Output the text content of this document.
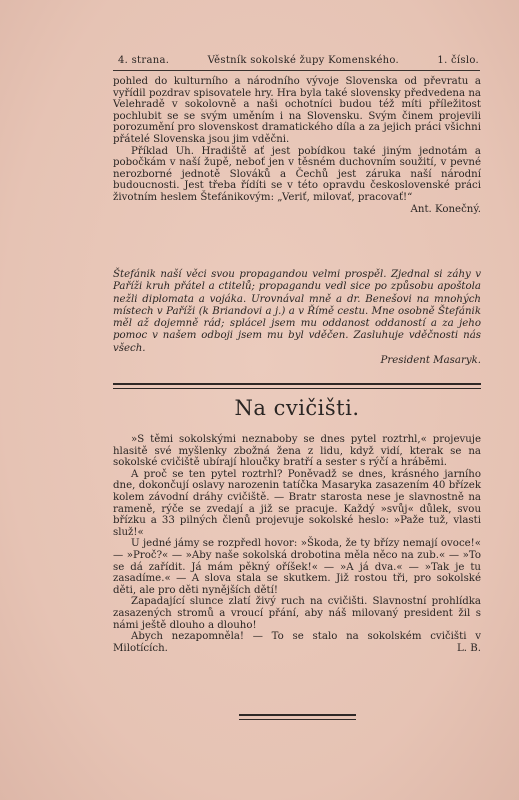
4. strana.	Věstník sokolské župy Komenského.	1. číslo.

pohled do kulturního a národního vývoje Slovenska od převratu a vyřídil pozdrav spisovatele hry. Hra byla také slovensky předvedena na Velehradě v sokolovně a naši ochotníci budou též míti příležitost pochlubit se se svým uměním i na Slovensku. Svým činem projevili porozumění pro slovenskost dramatického díla a za jejich práci všichni přátelé Slovenska jsou jim vděčni.

Příklad Uh. Hradiště ať jest pobídkou také jiným jednotám a pobočkám v naší župě, neboť jen v těsném duchovním soužití, v pevné nerozborné jednotě Slováků a Čechů jest záruka naší národní budoucnosti. Jest třeba řídíti se v této opravdu československé práci životním heslem Štefánikovým: „Veriť, milovať, pracovať!“

Ant. Konečný.

Štefánik naší věci svou propagandou velmi prospěl. Zjednal si záhy v Paříži kruh přátel a ctitelů; propagandu vedl sice po způsobu apoštola nežli diplomata a vojáka. Urovnával mně a dr. Benešovi na mnohých místech v Paříži (k Briandovi a j.) a v Římě cestu. Mne osobně Štefánik měl až dojemně rád; splácel jsem mu oddanost oddaností a za jeho pomoc v našem odboji jsem mu byl vděčen. Zasluhuje vděčnosti nás všech.

President Masaryk.
Na cvičišti.

»S těmi sokolskými neznaboby se dnes pytel roztrhl,« projevuje hlasitě své myšlenky zbožná žena z lidu, když vidí, kterak se na sokolské cvičiště ubírají hloučky bratří a sester s rýčí a hráběmi.

A proč se ten pytel roztrhl? Poněvadž se dnes, krásného jarního dne, dokončují oslavy narozenin tatíčka Masaryka zasazením 40 břízek kolem závodní dráhy cvičiště. — Bratr starosta nese je slavnostně na rameně, rýče se zvedají a již se pracuje. Každý »svůj« důlek, svou břízku a 33 pilných členů projevuje sokolské heslo: »Paže tuž, vlasti služ!«

U jedné jámy se rozpředl hovor: »Škoda, že ty břízy nemají ovoce!« — »Proč?« — »Aby naše sokolská drobotina měla něco na zub.« — »To se dá zařídit. Já mám pěkný oříšek!« — »A já dva.« — »Tak je tu zasadíme.« — A slova stala se skutkem. Již rostou tři, pro sokolské děti, ale pro děti nynějších dětí!

Zapadající slunce zlatí živý ruch na cvičišti. Slavnostní prohlídka zasazených stromů a vroucí přání, aby náš milovaný president žil s námi ještě dlouho a dlouho!

Abych nezapomněla! — To se stalo na sokolském cvičišti v Milotících.	L. B.
